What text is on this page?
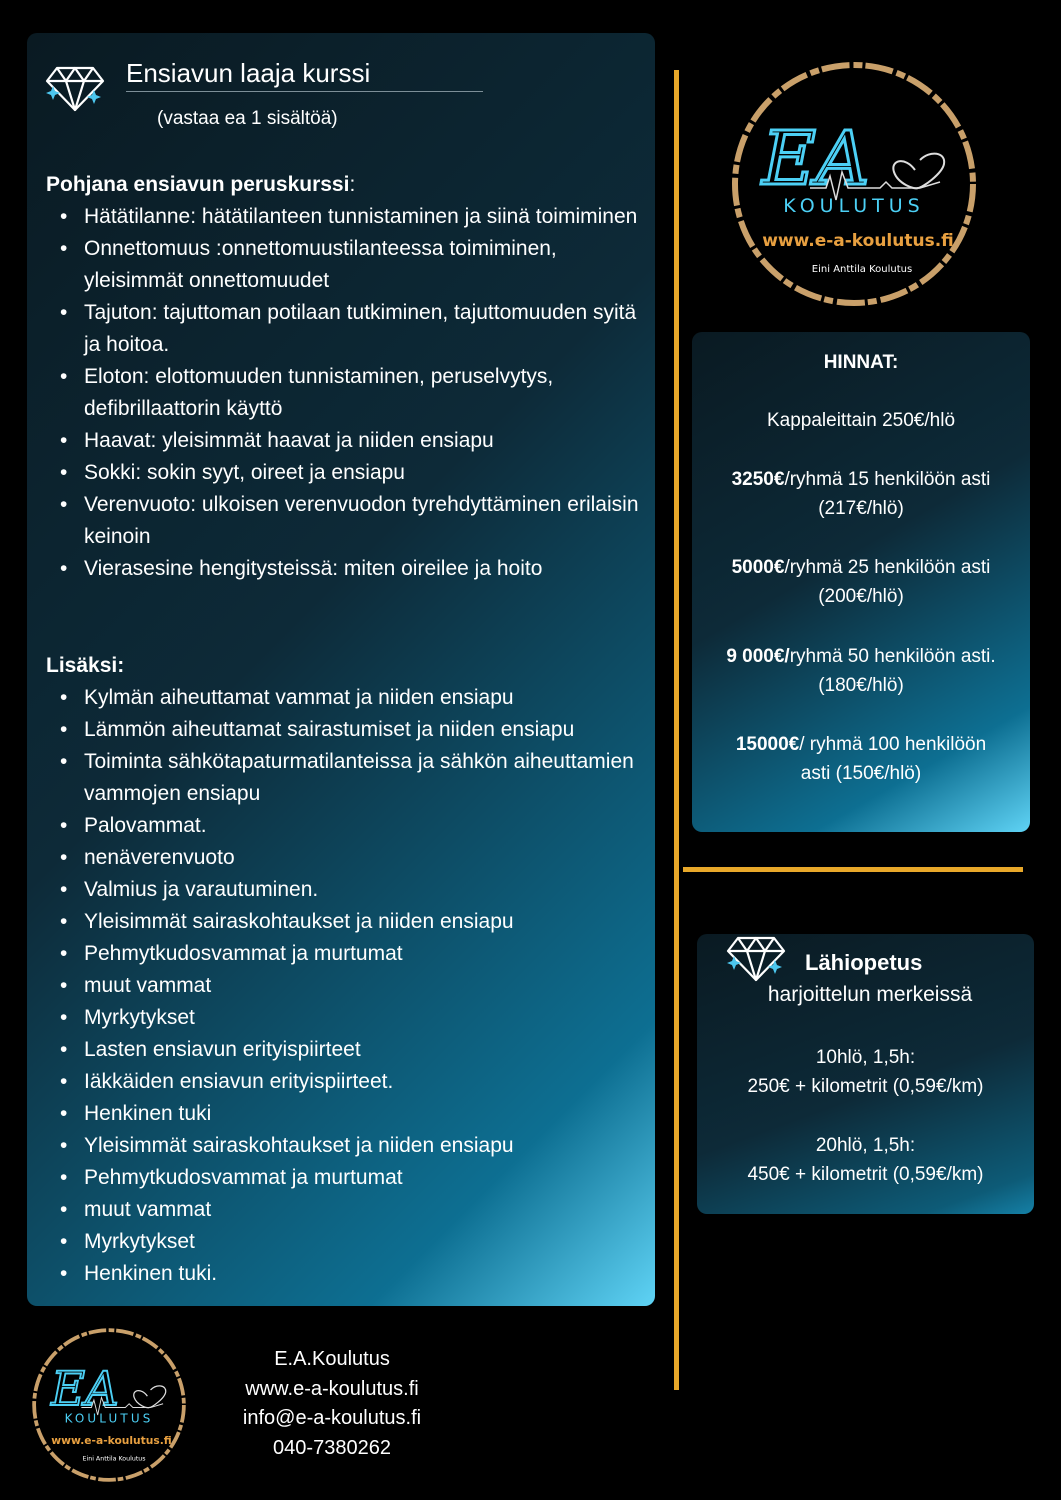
Ensiavun laaja kurssi
(vastaa ea 1 sisältöä)

Pohjana ensiavun peruskurssi:

• Hätätilanne: hätätilanteen tunnistaminen ja siinä toimiminen
• Onnettomuus :onnettomuustilanteessa toimiminen, yleisimmät onnettomuudet
• Tajuton: tajuttoman potilaan tutkiminen, tajuttomuuden syitä ja hoitoa.
• Eloton: elottomuuden tunnistaminen, peruselvytys, defibrillaattorin käyttö
• Haavat: yleisimmät haavat ja niiden ensiapu
• Sokki: sokin syyt, oireet ja ensiapu
• Verenvuoto: ulkoisen verenvuodon tyrehdyttäminen erilaisin keinoin
• Vierasesine hengitysteissä: miten oireilee ja hoito

Lisäksi:

• Kylmän aiheuttamat vammat ja niiden ensiapu
• Lämmön aiheuttamat sairastumiset ja niiden ensiapu
• Toiminta sähkötapaturmatilanteissa ja sähkön aiheuttamien vammojen ensiapu
• Palovammat.
• nenäverenvuoto
• Valmius ja varautuminen.
• Yleisimmät sairaskohtaukset ja niiden ensiapu
• Pehmytkudosvammat ja murtumat
• muut vammat
• Myrkytykset
• Lasten ensiavun erityispiirteet
• Iäkkäiden ensiavun erityispiirteet.
• Henkinen tuki
• Yleisimmät sairaskohtaukset ja niiden ensiapu
• Pehmytkudosvammat ja murtumat
• muut vammat
• Myrkytykset
• Henkinen tuki.
EA
KOULUTUS
www.e-a-koulutus.fi
Eini Anttila Koulutus
HINNAT:
Kappaleittain 250€/hlö
3250€/ryhmä 15 henkilöön asti
(217€/hlö)
5000€/ryhmä 25 henkilöön asti
(200€/hlö)
9 000€/ryhmä 50 henkilöön asti.
(180€/hlö)
15000€/ ryhmä 100 henkilöön
asti (150€/hlö)
Lähiopetus
harjoittelun merkeissä
10hlö, 1,5h:
250€ + kilometrit (0,59€/km)
20hlö, 1,5h:
450€ + kilometrit (0,59€/km)
EA
KOULUTUS
www.e-a-koulutus.fi
Eini Anttila Koulutus
E.A.Koulutus
www.e-a-koulutus.fi
info@e-a-koulutus.fi
040-7380262
